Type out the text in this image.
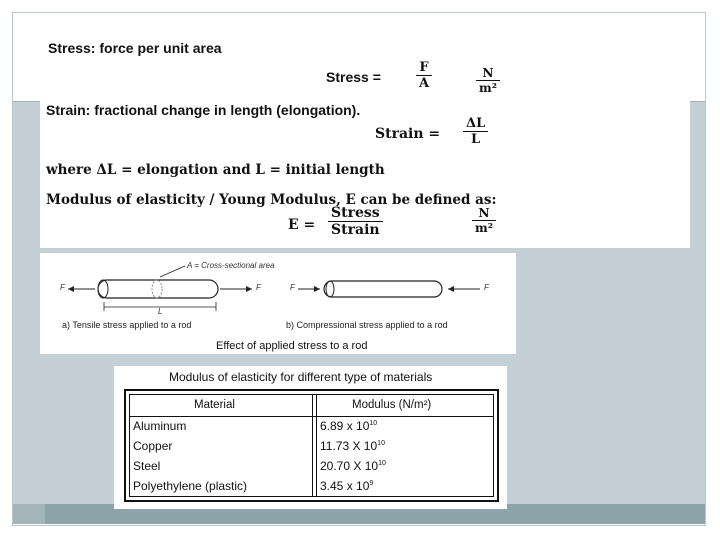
Stress: force per unit area
Stress =	$\frac{F}{A}$	$\frac{N}{\text{m²}}$
Strain: fractional change in length (elongation).
Strain = $\frac{\Delta L}{L}$
where ΔL = elongation and L = initial length
Modulus of elasticity / Young Modulus, E can be defined as:
E =
Stress
Strain	$\frac{N}{\text{m²}}$
A = Cross-sectional area
F	F	F	F
L
a) Tensile stress applied to a rod	b) Compressional stress applied to a rod
Effect of applied stress to a rod
Modulus of elasticity for different type of materials
Material	Modulus (N/m²)
Aluminum	6.89 x $10^{10}$
Copper	11.73 X $10^{10}$
Steel	20.70 X $10^{10}$
Polyethylene (plastic)	3.45 x $10^9$
